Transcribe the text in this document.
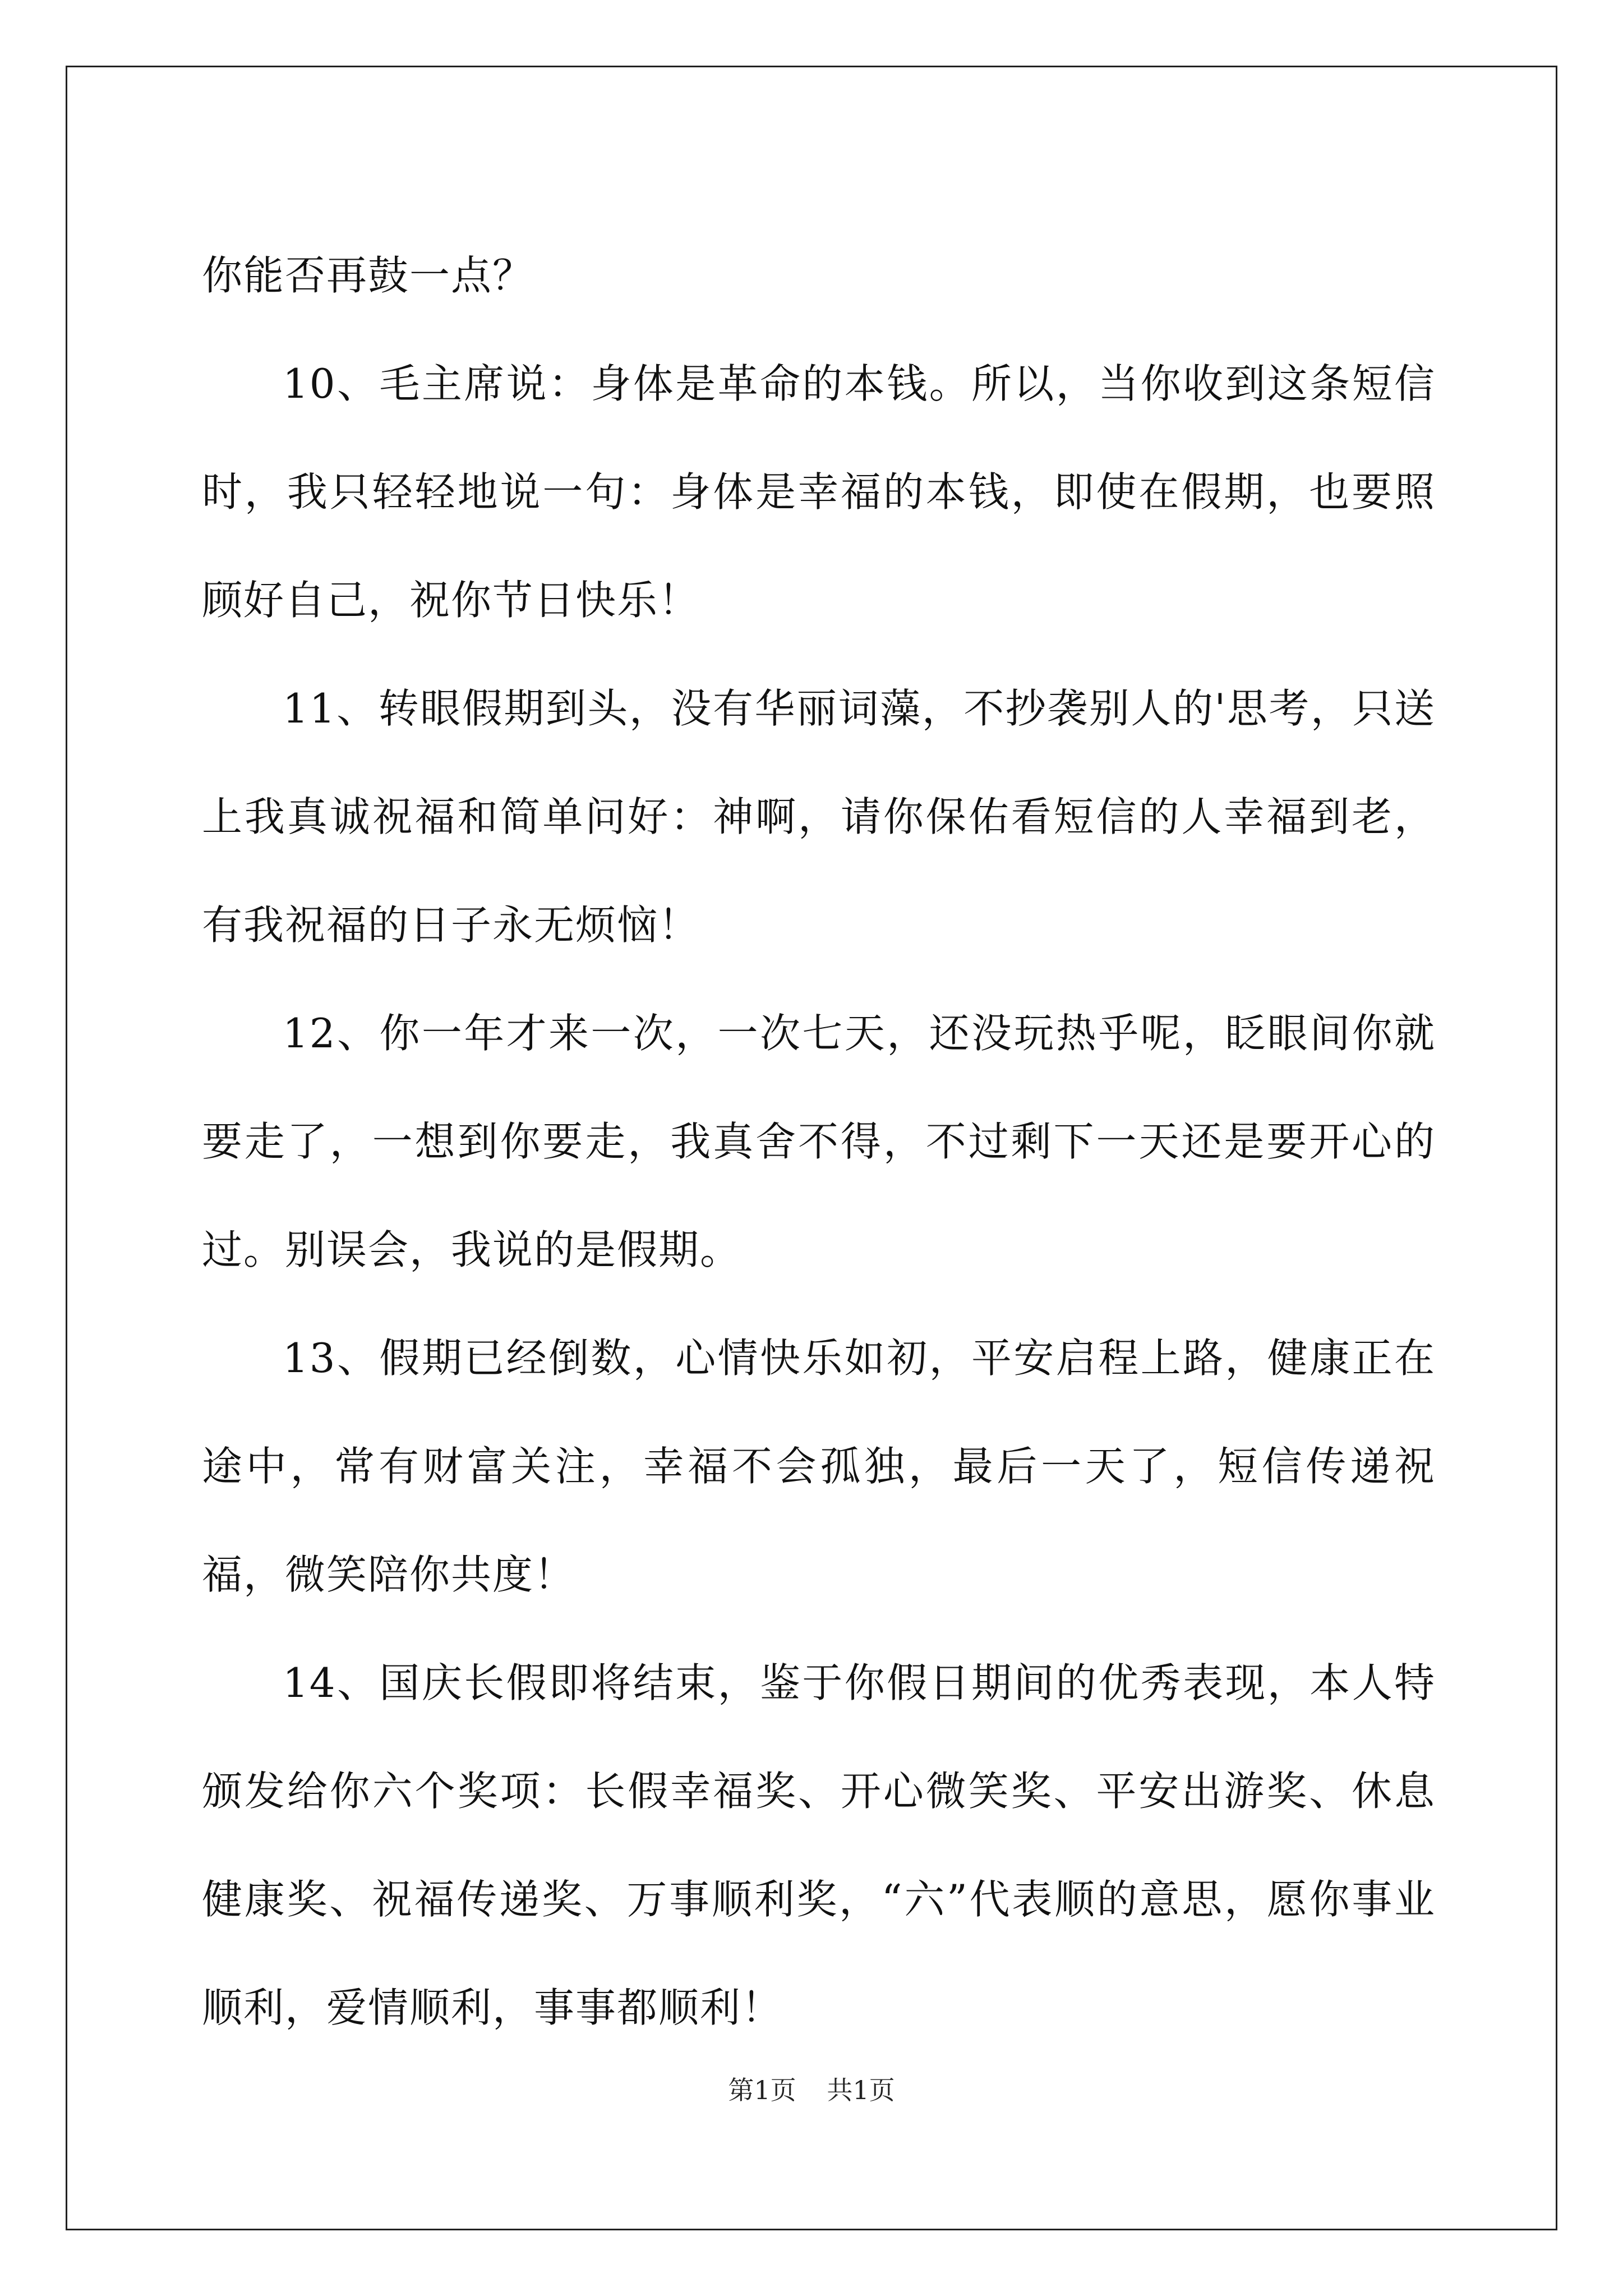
你能否再鼓一点？

10、毛主席说：身体是革命的本钱。所以，当你收到这条短信时，我只轻轻地说一句：身体是幸福的本钱，即使在假期，也要照顾好自己，祝你节日快乐！

11、转眼假期到头，没有华丽词藻，不抄袭别人的'思考，只送上我真诚祝福和简单问好：神啊，请你保佑看短信的人幸福到老，有我祝福的日子永无烦恼！

12、你一年才来一次，一次七天，还没玩热乎呢，眨眼间你就要走了，一想到你要走，我真舍不得，不过剩下一天还是要开心的过。别误会，我说的是假期。

13、假期已经倒数，心情快乐如初，平安启程上路，健康正在途中，常有财富关注，幸福不会孤独，最后一天了，短信传递祝福，微笑陪你共度！

14、国庆长假即将结束，鉴于你假日期间的优秀表现，本人特颁发给你六个奖项：长假幸福奖、开心微笑奖、平安出游奖、休息健康奖、祝福传递奖、万事顺利奖，“六”代表顺的意思，愿你事业顺利，爱情顺利，事事都顺利！

第1页 共1页
